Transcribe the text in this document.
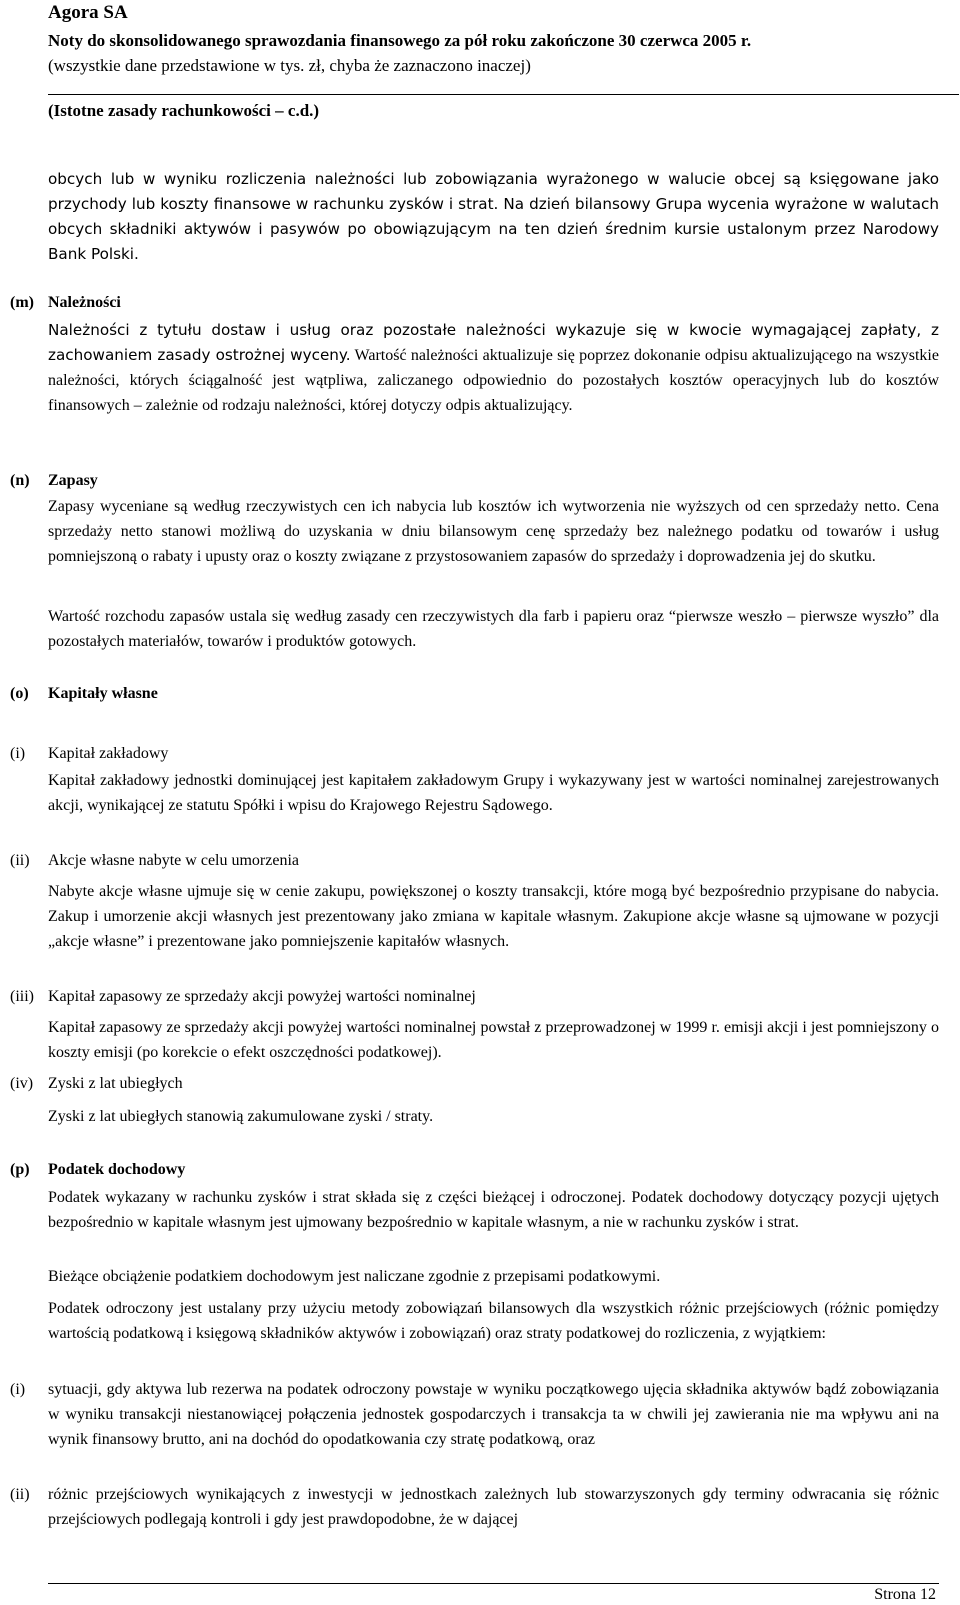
Agora SA
Noty do skonsolidowanego sprawozdania finansowego za pół roku zakończone 30 czerwca 2005 r.
(wszystkie dane przedstawione w tys. zł, chyba że zaznaczono inaczej)
(Istotne zasady rachunkowości – c.d.)
obcych lub w wyniku rozliczenia należności lub zobowiązania wyrażonego w walucie obcej są księgowane jako przychody lub koszty finansowe w rachunku zysków i strat. Na dzień bilansowy Grupa wycenia wyrażone w walutach obcych składniki aktywów i pasywów po obowiązującym na ten dzień średnim kursie ustalonym przez Narodowy Bank Polski.
(m) Należności
Należności z tytułu dostaw i usług oraz pozostałe należności wykazuje się w kwocie wymagającej zapłaty, z zachowaniem zasady ostrożnej wyceny. Wartość należności aktualizuje się poprzez dokonanie odpisu aktualizującego na wszystkie należności, których ściągalność jest wątpliwa, zaliczanego odpowiednio do pozostałych kosztów operacyjnych lub do kosztów finansowych – zależnie od rodzaju należności, której dotyczy odpis aktualizujący.
(n)	Zapasy
Zapasy wyceniane są według rzeczywistych cen ich nabycia lub kosztów ich wytworzenia nie wyższych od cen sprzedaży netto. Cena sprzedaży netto stanowi możliwą do uzyskania w dniu bilansowym cenę sprzedaży bez należnego podatku od towarów i usług pomniejszoną o rabaty i upusty oraz o koszty związane z przystosowaniem zapasów do sprzedaży i doprowadzenia jej do skutku.
Wartość rozchodu zapasów ustala się według zasady cen rzeczywistych dla farb i papieru oraz “pierwsze weszło – pierwsze wyszło” dla pozostałych materiałów, towarów i produktów gotowych.
(o)	Kapitały własne
(i)	Kapitał zakładowy
Kapitał zakładowy jednostki dominującej jest kapitałem zakładowym Grupy i wykazywany jest w wartości nominalnej zarejestrowanych akcji, wynikającej ze statutu Spółki i wpisu do Krajowego Rejestru Sądowego.
(ii)	Akcje własne nabyte w celu umorzenia
Nabyte akcje własne ujmuje się w cenie zakupu, powiększonej o koszty transakcji, które mogą być bezpośrednio przypisane do nabycia. Zakup i umorzenie akcji własnych jest prezentowany jako zmiana w kapitale własnym. Zakupione akcje własne są ujmowane w pozycji „akcje własne” i prezentowane jako pomniejszenie kapitałów własnych.
(iii) Kapitał zapasowy ze sprzedaży akcji powyżej wartości nominalnej
Kapitał zapasowy ze sprzedaży akcji powyżej wartości nominalnej powstał z przeprowadzonej w 1999 r. emisji akcji i jest pomniejszony o koszty emisji (po korekcie o efekt oszczędności podatkowej).
(iv) Zyski z lat ubiegłych
Zyski z lat ubiegłych stanowią zakumulowane zyski / straty.
(p)	Podatek dochodowy
Podatek wykazany w rachunku zysków i strat składa się z części bieżącej i odroczonej. Podatek dochodowy dotyczący pozycji ujętych bezpośrednio w kapitale własnym jest ujmowany bezpośrednio w kapitale własnym, a nie w rachunku zysków i strat.
Bieżące obciążenie podatkiem dochodowym jest naliczane zgodnie z przepisami podatkowymi.
Podatek odroczony jest ustalany przy użyciu metody zobowiązań bilansowych dla wszystkich różnic przejściowych (różnic pomiędzy wartością podatkową i księgową składników aktywów i zobowiązań) oraz straty podatkowej do rozliczenia, z wyjątkiem:
(i)	sytuacji, gdy aktywa lub rezerwa na podatek odroczony powstaje w wyniku początkowego ujęcia składnika aktywów bądź zobowiązania w wyniku transakcji niestanowiącej połączenia jednostek gospodarczych i transakcja ta w chwili jej zawierania nie ma wpływu ani na wynik finansowy brutto, ani na dochód do opodatkowania czy stratę podatkową, oraz
(ii)	różnic przejściowych wynikających z inwestycji w jednostkach zależnych lub stowarzyszonych gdy terminy odwracania się różnic przejściowych podlegają kontroli i gdy jest prawdopodobne, że w dającej
Strona 12
